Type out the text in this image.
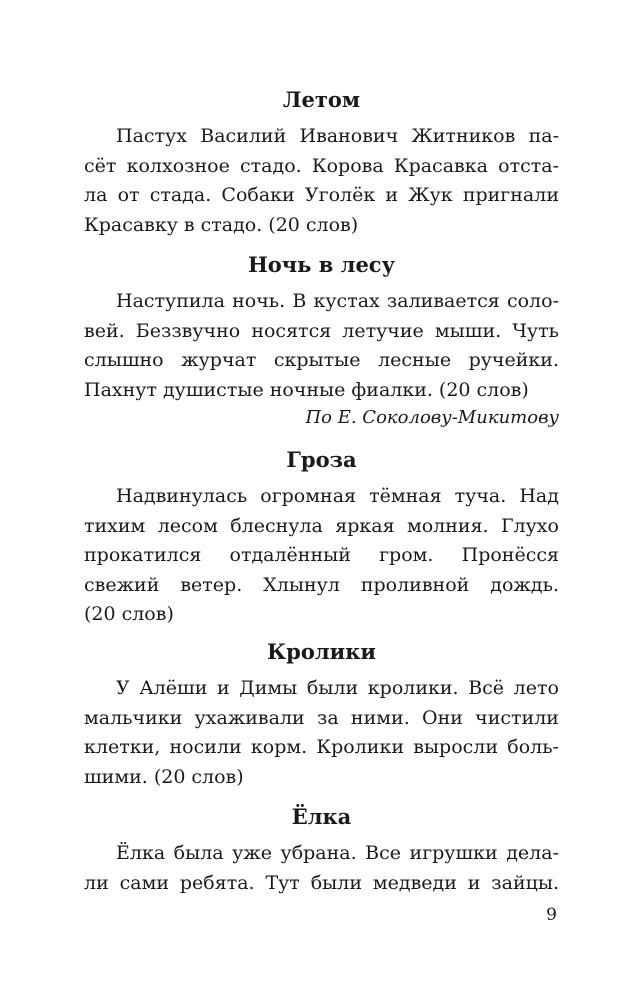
Летом
Пастух Василий Иванович Житников па-
сёт колхозное стадо. Корова Красавка отста-
ла от стада. Собаки Уголёк и Жук пригнали
Красавку в стадо. (20 слов)
Ночь в лесу
Наступила ночь. В кустах заливается соло-
вей. Беззвучно носятся летучие мыши. Чуть
слышно журчат скрытые лесные ручейки.
Пахнут душистые ночные фиалки. (20 слов)
По Е. Соколову-Микитову
Гроза
Надвинулась огромная тёмная туча. Над
тихим лесом блеснула яркая молния. Глухо
прокатился отдалённый гром. Пронёсся
свежий ветер. Хлынул проливной дождь.
(20 слов)
Кролики
У Алёши и Димы были кролики. Всё лето
мальчики ухаживали за ними. Они чистили
клетки, носили корм. Кролики выросли боль-
шими. (20 слов)
Ёлка
Ёлка была уже убрана. Все игрушки дела-
ли сами ребята. Тут были медведи и зайцы.
9
